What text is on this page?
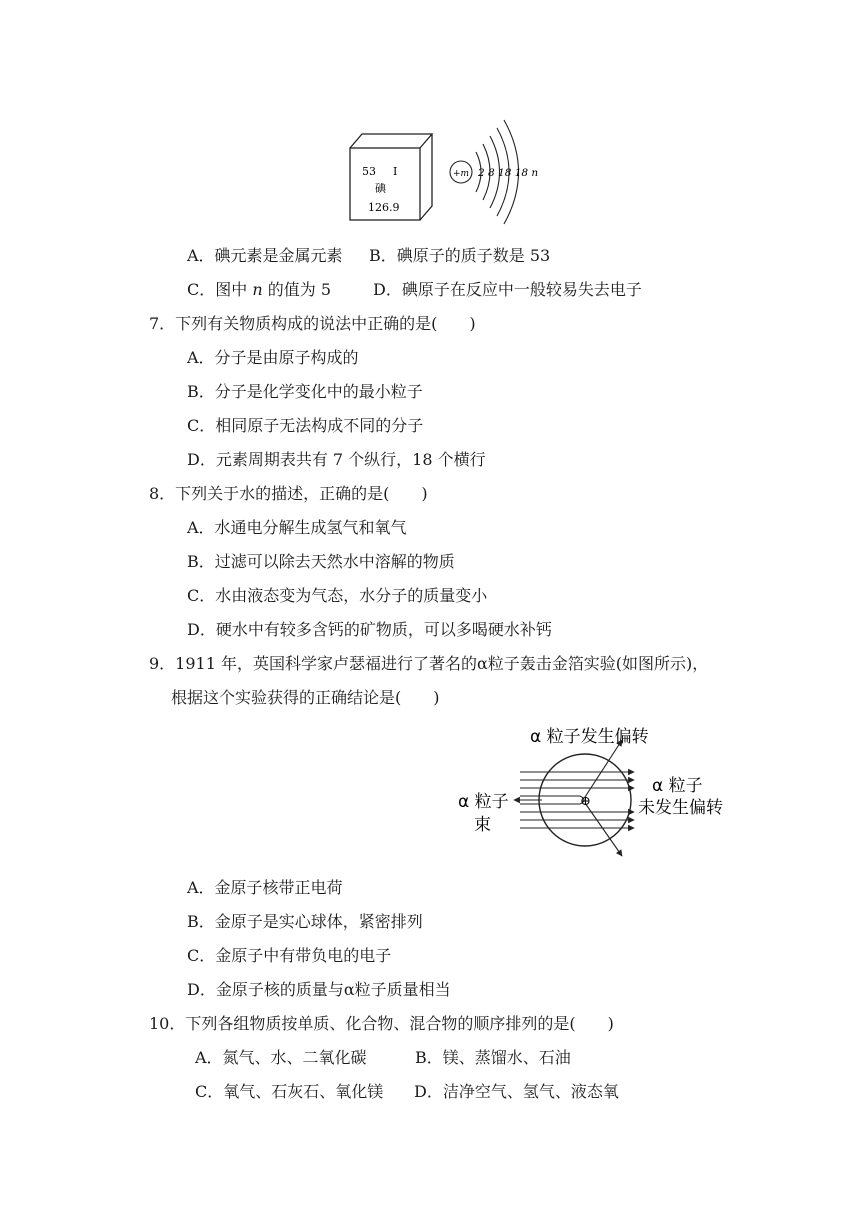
53 I
碘
126.9
+m 2 8 18 18 n
A．碘元素是金属元素 B．碘原子的质子数是 53
C．图中 n 的值为 5	D．碘原子在反应中一般较易失去电子
7．下列有关物质构成的说法中正确的是(　　)
A．分子是由原子构成的
B．分子是化学变化中的最小粒子
C．相同原子无法构成不同的分子
D．元素周期表共有 7 个纵行，18 个横行
8．下列关于水的描述，正确的是(　　)
A．水通电分解生成氢气和氧气
B．过滤可以除去天然水中溶解的物质
C．水由液态变为气态，水分子的质量变小
D．硬水中有较多含钙的矿物质，可以多喝硬水补钙
9．1911 年，英国科学家卢瑟福进行了著名的α粒子轰击金箔实验(如图所示)，
根据这个实验获得的正确结论是(　　)
α 粒子发生偏转
⊕
α 粒子
未发生偏转
α 粒子
束
A．金原子核带正电荷
B．金原子是实心球体，紧密排列
C．金原子中有带负电的电子
D．金原子核的质量与α粒子质量相当
10．下列各组物质按单质、化合物、混合物的顺序排列的是(　　)
A．氮气、水、二氧化碳	B．镁、蒸馏水、石油
C．氧气、石灰石、氧化镁 D．洁净空气、氢气、液态氧
